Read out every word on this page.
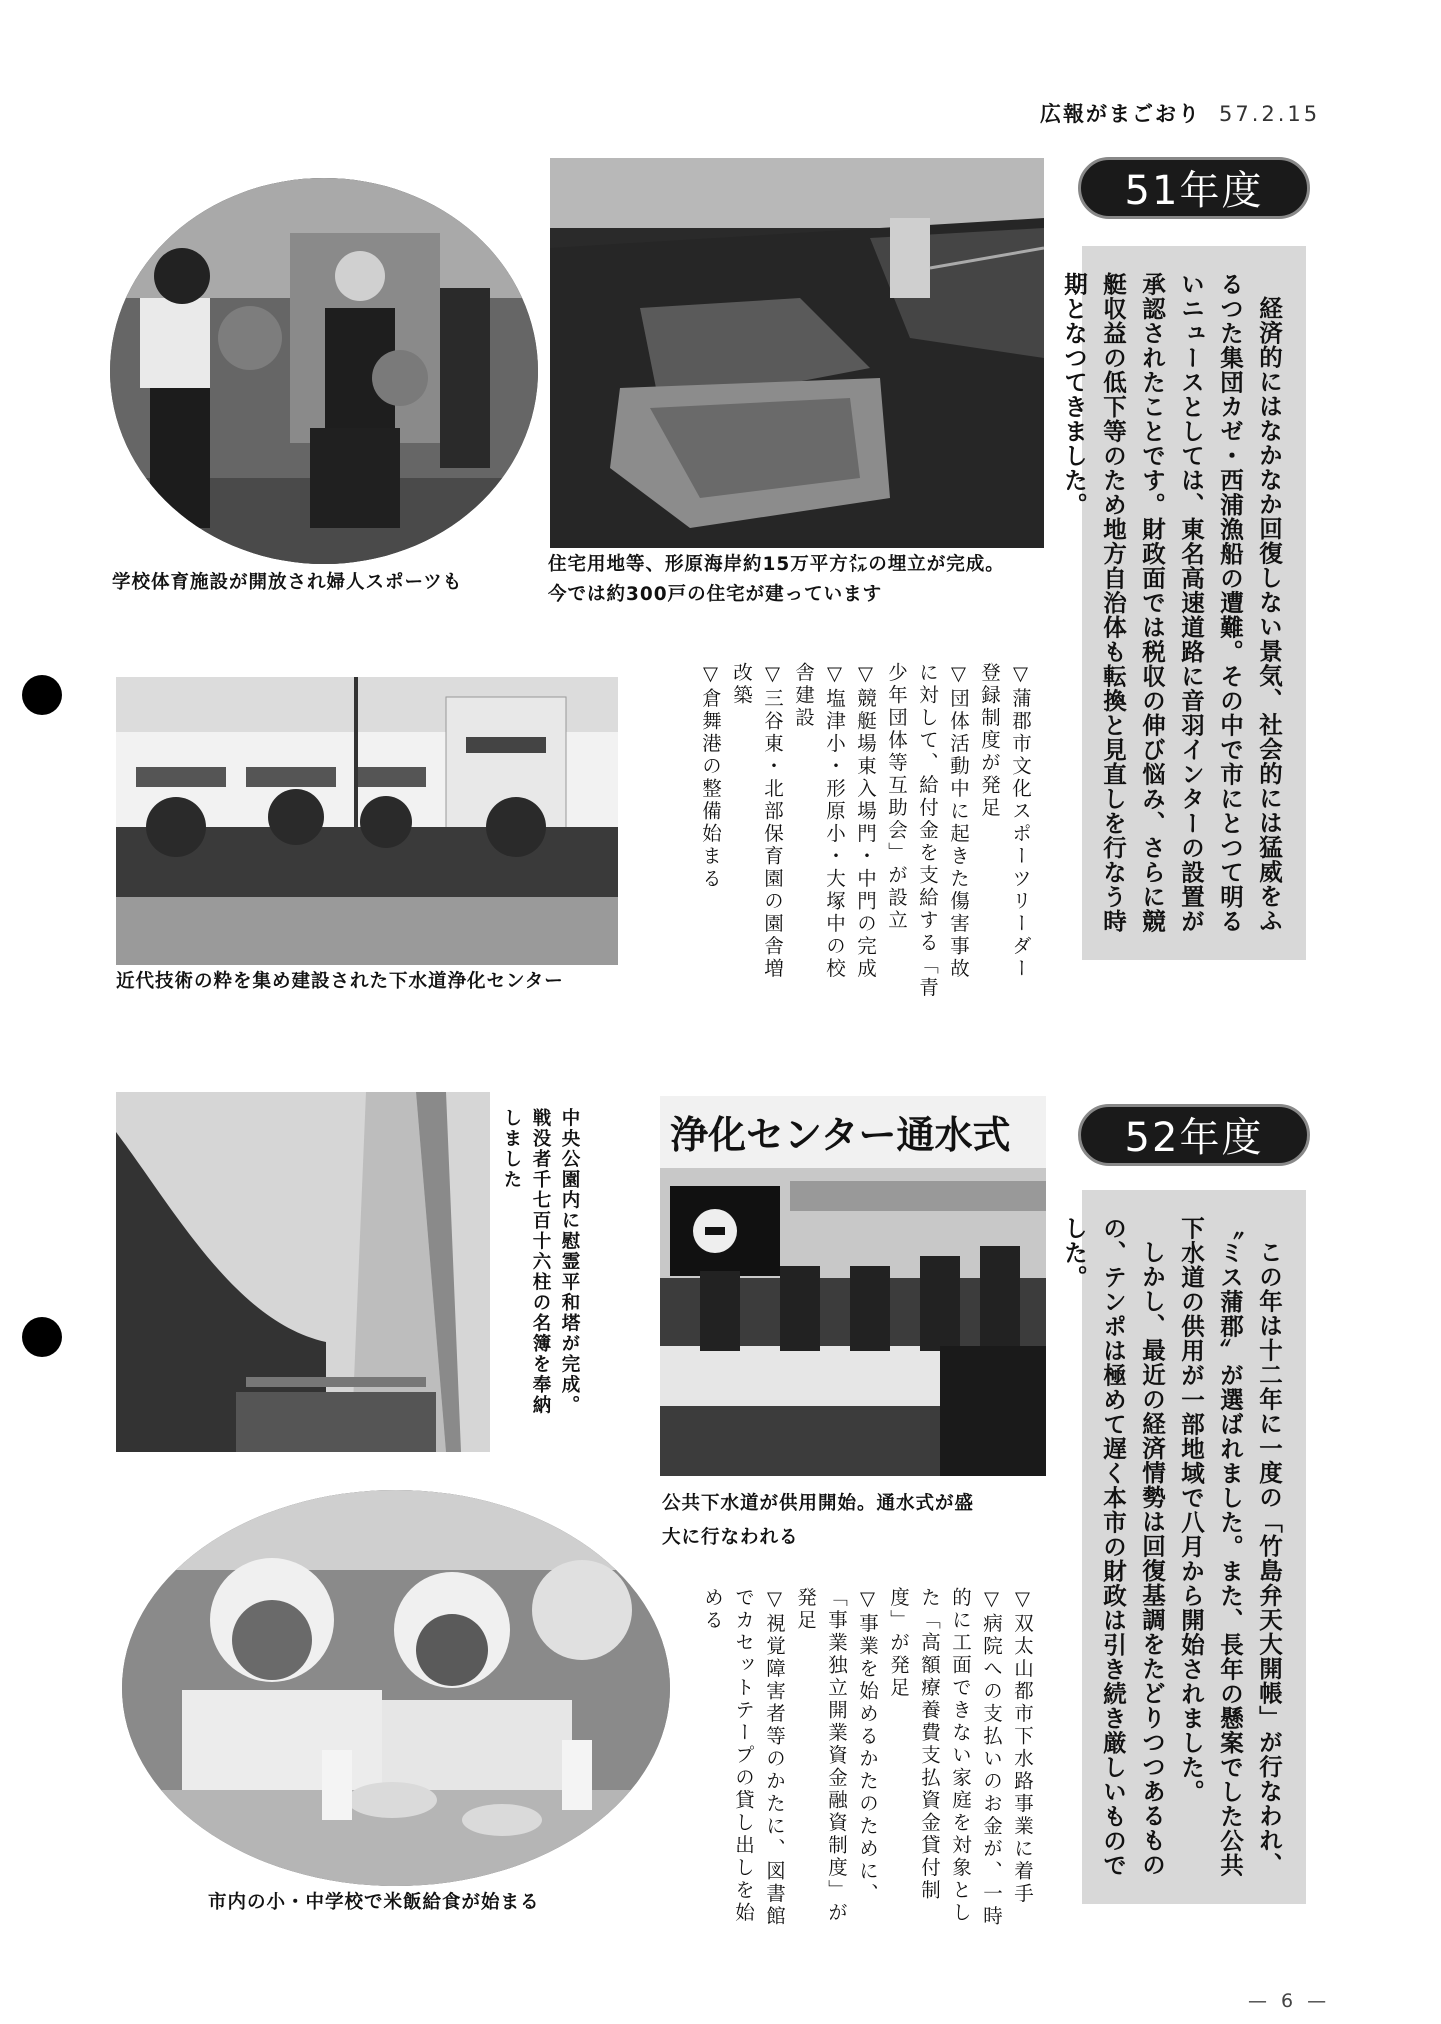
広報がまごおり 57.2.15
51年度

経済的にはなかなか回復しない景気、社会的には猛威をふるつた集団カゼ・西浦漁船の遭難。その中で市にとつて明るいニュースとしては、東名高速道路に音羽インターの設置が承認されたことです。財政面では税収の伸び悩み、さらに競艇収益の低下等のため地方自治体も転換と見直しを行なう時期となつてきました。

学校体育施設が開放され婦人スポーツも
住宅用地等、形原海岸約15万平方㍍の埋立が完成。
今では約300戸の住宅が建っています
近代技術の粋を集め建設された下水道浄化センター
▽蒲郡市文化スポーツリーダー登録制度が発足
▽団体活動中に起きた傷害事故に対して、給付金を支給する「青少年団体等互助会」が設立
▽競艇場東入場門・中門の完成
▽塩津小・形原小・大塚中の校舎建設
▽三谷東・北部保育園の園舎増改築
▽倉舞港の整備始まる
52年度

この年は十二年に一度の「竹島弁天大開帳」が行なわれ、〝ミス蒲郡〟が選ばれました。また、長年の懸案でした公共下水道の供用が一部地域で八月から開始されました。

しかし、最近の経済情勢は回復基調をたどりつつあるものの、テンポは極めて遅く本市の財政は引き続き厳しいものでした。

中央公園内に慰霊平和塔が完成。戦没者千七百十六柱の名簿を奉納しました	浄化センター通水式
公共下水道が供用開始。通水式が盛
大に行なわれる
市内の小・中学校で米飯給食が始まる	▽双太山都市下水路事業に着手
▽病院への支払いのお金が、一時的に工面できない家庭を対象とした「高額療養費支払資金貸付制度」が発足
▽事業を始めるかたのために、「事業独立開業資金融資制度」が発足
▽視覚障害者等のかたに、図書館でカセットテープの貸し出しを始める
— 6 —
